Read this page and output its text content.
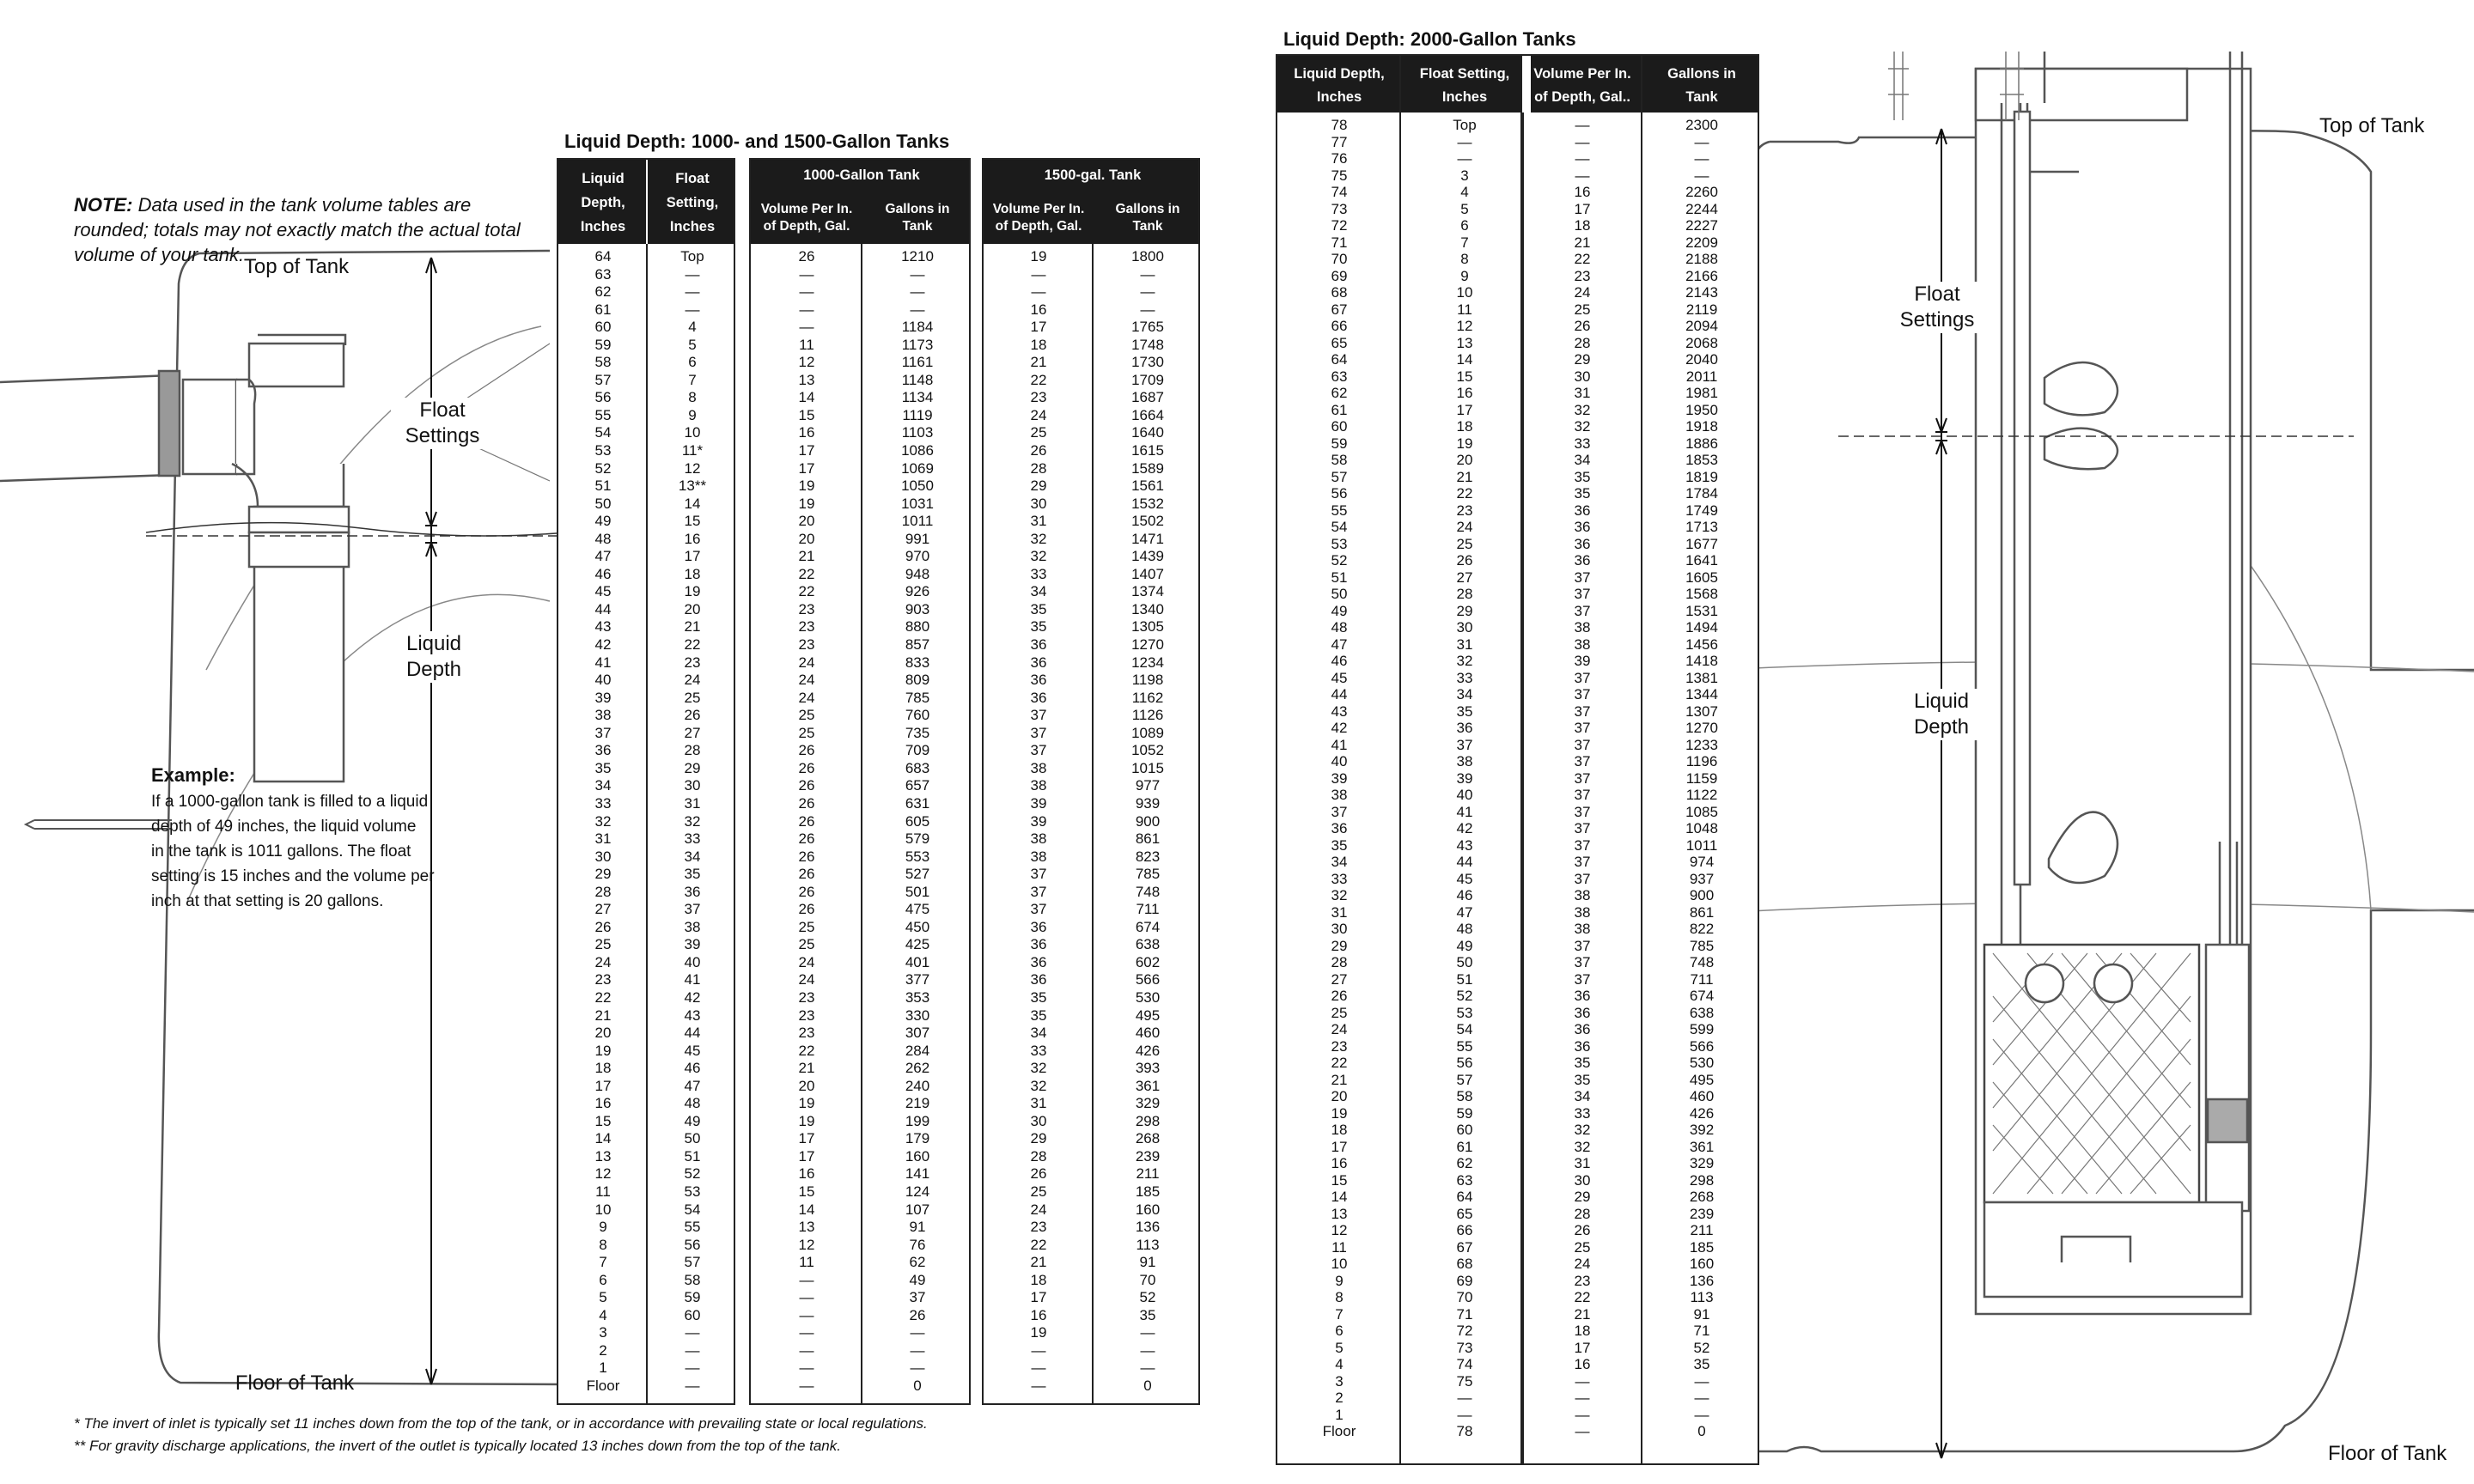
NOTE: Data used in the tank volume tables are rounded; totals may not exactly match the actual total volume of your tank.
Top of Tank
Float
Settings
Liquid
Depth
Floor of Tank
Example:
If a 1000-gallon tank is filled to a liquid
depth of 49 inches, the liquid volume
in the tank is 1011 gallons. The float
setting is 15 inches and the volume per
inch at that setting is 20 gallons.
* The invert of inlet is typically set 11 inches down from the top of the tank, or in accordance with prevailing state or local regulations.
** For gravity discharge applications, the invert of the outlet is typically located 13 inches down from the top of the tank.
Top of Tank
Float
Settings
Liquid
Depth
Floor of Tank
Liquid Depth: 1000- and 1500-Gallon Tanks
Liquid
Depth,
Inches
Float
Setting,
Inches
64
63
62
61
60
59
58
57
56
55
54
53
52
51
50
49
48
47
46
45
44
43
42
41
40
39
38
37
36
35
34
33
32
31
30
29
28
27
26
25
24
23
22
21
20
19
18
17
16
15
14
13
12
11
10
9
8
7
6
5
4
3
2
1
Floor
Top
—
—
—
4
5
6
7
8
9
10
11*
12
13**
14
15
16
17
18
19
20
21
22
23
24
25
26
27
28
29
30
31
32
33
34
35
36
37
38
39
40
41
42
43
44
45
46
47
48
49
50
51
52
53
54
55
56
57
58
59
60
—
—
—
—
1000-Gallon Tank
Volume Per In.
of Depth, Gal.
Gallons in
Tank
26
—
—
—
—
11
12
13
14
15
16
17
17
19
19
20
20
21
22
22
23
23
23
24
24
24
25
25
26
26
26
26
26
26
26
26
26
26
25
25
24
24
23
23
23
22
21
20
19
19
17
17
16
15
14
13
12
11
—
—
—
—
—
—
—
1210
—
—
—
1184
1173
1161
1148
1134
1119
1103
1086
1069
1050
1031
1011
991
970
948
926
903
880
857
833
809
785
760
735
709
683
657
631
605
579
553
527
501
475
450
425
401
377
353
330
307
284
262
240
219
199
179
160
141
124
107
91
76
62
49
37
26
—
—
—
0
1500-gal. Tank
Volume Per In.
of Depth, Gal.
Gallons in
Tank
19
—
—
16
17
18
21
22
23
24
25
26
28
29
30
31
32
32
33
34
35
35
36
36
36
36
37
37
37
38
38
39
39
38
38
37
37
37
36
36
36
36
35
35
34
33
32
32
31
30
29
28
26
25
24
23
22
21
18
17
16
19
—
—
—
1800
—
—
—
1765
1748
1730
1709
1687
1664
1640
1615
1589
1561
1532
1502
1471
1439
1407
1374
1340
1305
1270
1234
1198
1162
1126
1089
1052
1015
977
939
900
861
823
785
748
711
674
638
602
566
530
495
460
426
393
361
329
298
268
239
211
185
160
136
113
91
70
52
35
—
—
—
0
Liquid Depth: 2000-Gallon Tanks
Liquid Depth,
Inches
Float Setting,
Inches
78
77
76
75
74
73
72
71
70
69
68
67
66
65
64
63
62
61
60
59
58
57
56
55
54
53
52
51
50
49
48
47
46
45
44
43
42
41
40
39
38
37
36
35
34
33
32
31
30
29
28
27
26
25
24
23
22
21
20
19
18
17
16
15
14
13
12
11
10
9
8
7
6
5
4
3
2
1
Floor
Top
—
—
3
4
5
6
7
8
9
10
11
12
13
14
15
16
17
18
19
20
21
22
23
24
25
26
27
28
29
30
31
32
33
34
35
36
37
38
39
40
41
42
43
44
45
46
47
48
49
50
51
52
53
54
55
56
57
58
59
60
61
62
63
64
65
66
67
68
69
70
71
72
73
74
75
—
—
78
Volume Per In.
of Depth, Gal..
Gallons in
Tank
—
—
—
—
16
17
18
21
22
23
24
25
26
28
29
30
31
32
32
33
34
35
35
36
36
36
36
37
37
37
38
38
39
37
37
37
37
37
37
37
37
37
37
37
37
37
38
38
38
37
37
37
36
36
36
36
35
35
34
33
32
32
31
30
29
28
26
25
24
23
22
21
18
17
16
—
—
—
—
2300
—
—
—
2260
2244
2227
2209
2188
2166
2143
2119
2094
2068
2040
2011
1981
1950
1918
1886
1853
1819
1784
1749
1713
1677
1641
1605
1568
1531
1494
1456
1418
1381
1344
1307
1270
1233
1196
1159
1122
1085
1048
1011
974
937
900
861
822
785
748
711
674
638
599
566
530
495
460
426
392
361
329
298
268
239
211
185
160
136
113
91
71
52
35
—
—
—
0
